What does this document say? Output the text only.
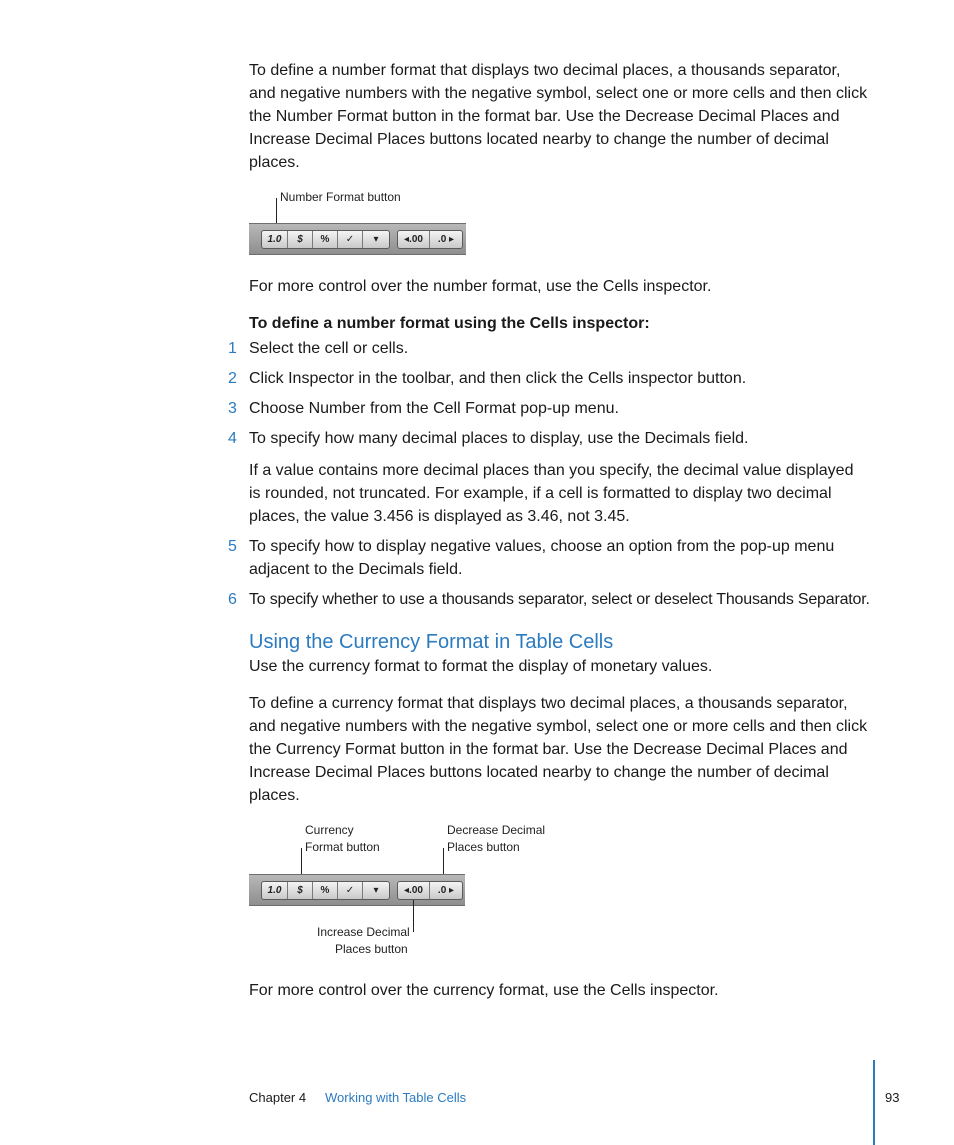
To define a number format that displays two decimal places, a thousands separator, and negative numbers with the negative symbol, select one or more cells and then click the Number Format button in the format bar. Use the Decrease Decimal Places and Increase Decimal Places buttons located nearby to change the number of decimal places.

Number Format button
1.0	$	%	✓	▾	◂.00	.0 ▸

For more control over the number format, use the Cells inspector.

To define a number format using the Cells inspector:

1 Select the cell or cells.

2 Click Inspector in the toolbar, and then click the Cells inspector button.

3 Choose Number from the Cell Format pop-up menu.

4 To specify how many decimal places to display, use the Decimals field.

If a value contains more decimal places than you specify, the decimal value displayed is rounded, not truncated. For example, if a cell is formatted to display two decimal places, the value 3.456 is displayed as 3.46, not 3.45.

5 To specify how to display negative values, choose an option from the pop-up menu adjacent to the Decimals field.

6 To specify whether to use a thousands separator, select or deselect Thousands Separator.

Using the Currency Format in Table Cells

Use the currency format to format the display of monetary values.

To define a currency format that displays two decimal places, a thousands separator, and negative numbers with the negative symbol, select one or more cells and then click the Currency Format button in the format bar. Use the Decrease Decimal Places and Increase Decimal Places buttons located nearby to change the number of decimal places.

Currency
Format button
Decrease Decimal
Places button
1.0	$	%	✓	▾	◂.00	.0 ▸
Increase Decimal
Places button

For more control over the currency format, use the Cells inspector.

Chapter 4 Working with Table Cells	93
